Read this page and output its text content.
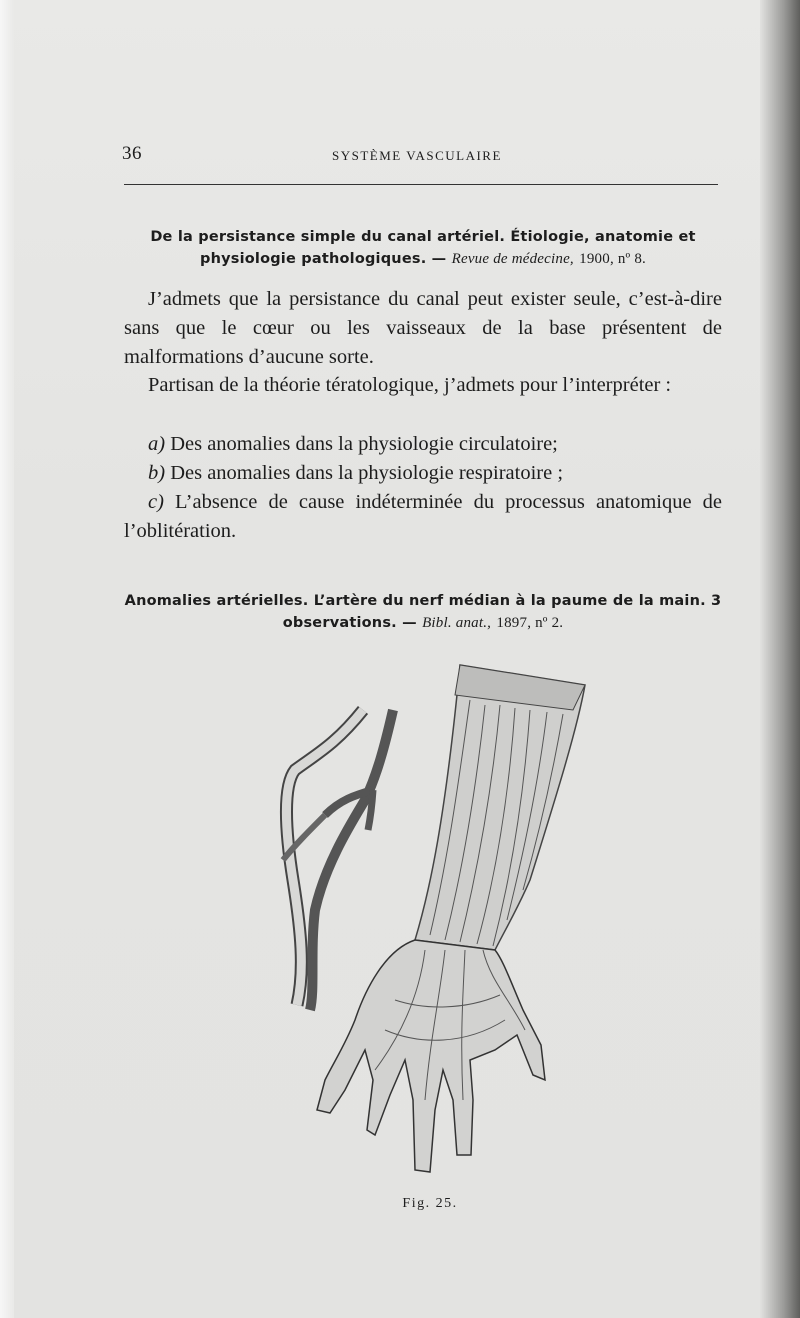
36	SYSTÈME VASCULAIRE
De la persistance simple du canal artériel. Étiologie, anatomie et physiologie pathologiques. — Revue de médecine, 1900, nº 8.
J’admets que la persistance du canal peut exister seule, c’est-à-dire sans que le cœur ou les vaisseaux de la base présentent de malformations d’aucune sorte.
Partisan de la théorie tératologique, j’admets pour l’interpréter :
a) Des anomalies dans la physiologie circulatoire;
b) Des anomalies dans la physiologie respiratoire ;
c) L’absence de cause indéterminée du processus anatomique de l’oblitération.
Anomalies artérielles. L’artère du nerf médian à la paume de la main. 3 observations. — Bibl. anat., 1897, nº 2.
Fig. 25.
